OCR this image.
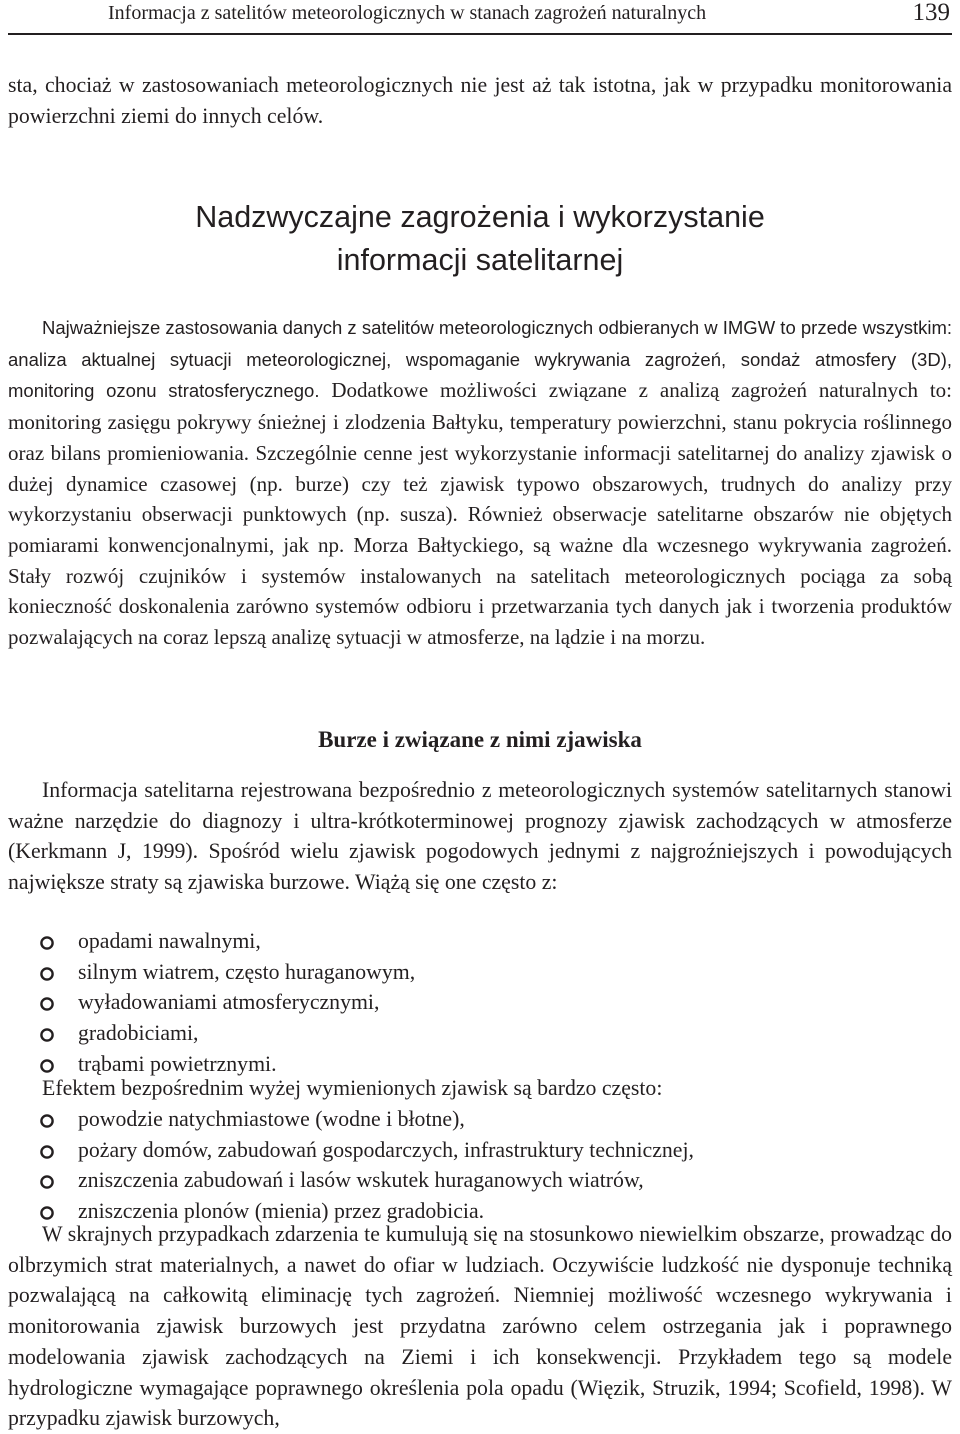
Informacja z satelitów meteorologicznych w stanach zagrożeń naturalnych	139

sta, chociaż w zastosowaniach meteorologicznych nie jest aż tak istotna, jak w przypadku monitorowania powierzchni ziemi do innych celów.

Nadzwyczajne zagrożenia i wykorzystanie
informacji satelitarnej

Najważniejsze zastosowania danych z satelitów meteorologicznych odbieranych w IMGW to przede wszystkim: analiza aktualnej sytuacji meteorologicznej, wspomaganie wykrywania zagrożeń, sondaż atmosfery (3D), monitoring ozonu stratosferycznego. Dodatkowe możliwości związane z analizą zagrożeń naturalnych to: monitoring zasięgu pokrywy śnieżnej i zlodzenia Bałtyku, temperatury powierzchni, stanu pokrycia roślinnego oraz bilans promieniowania. Szczególnie cenne jest wykorzystanie informacji satelitarnej do analizy zjawisk o dużej dynamice czasowej (np. burze) czy też zjawisk typowo obszarowych, trudnych do analizy przy wykorzystaniu obserwacji punktowych (np. susza). Również obserwacje satelitarne obszarów nie objętych pomiarami konwencjonalnymi, jak np. Morza Bałtyckiego, są ważne dla wczesnego wykrywania zagrożeń. Stały rozwój czujników i systemów instalowanych na satelitach meteorologicznych pociąga za sobą konieczność doskonalenia zarówno systemów odbioru i przetwarzania tych danych jak i tworzenia produktów pozwalających na coraz lepszą analizę sytuacji w atmosferze, na lądzie i na morzu.

Burze i związane z nimi zjawiska

Informacja satelitarna rejestrowana bezpośrednio z meteorologicznych systemów satelitarnych stanowi ważne narzędzie do diagnozy i ultra-krótkoterminowej prognozy zjawisk zachodzących w atmosferze (Kerkmann J, 1999). Spośród wielu zjawisk pogodowych jednymi z najgroźniejszych i powodujących największe straty są zjawiska burzowe. Wiążą się one często z:

opadami nawalnymi,
silnym wiatrem, często huraganowym,
wyładowaniami atmosferycznymi,
gradobiciami,
trąbami powietrznymi.

Efektem bezpośrednim wyżej wymienionych zjawisk są bardzo często:

powodzie natychmiastowe (wodne i błotne),
pożary domów, zabudowań gospodarczych, infrastruktury technicznej,
zniszczenia zabudowań i lasów wskutek huraganowych wiatrów,
zniszczenia plonów (mienia) przez gradobicia.

W skrajnych przypadkach zdarzenia te kumulują się na stosunkowo niewielkim obszarze, prowadząc do olbrzymich strat materialnych, a nawet do ofiar w ludziach. Oczywiście ludzkość nie dysponuje techniką pozwalającą na całkowitą eliminację tych zagrożeń. Niemniej możliwość wczesnego wykrywania i monitorowania zjawisk burzowych jest przydatna zarówno celem ostrzegania jak i poprawnego modelowania zjawisk zachodzących na Ziemi i ich konsekwencji. Przykładem tego są modele hydrologiczne wymagające poprawnego określenia pola opadu (Więzik, Struzik, 1994; Scofield, 1998). W przypadku zjawisk burzowych,
